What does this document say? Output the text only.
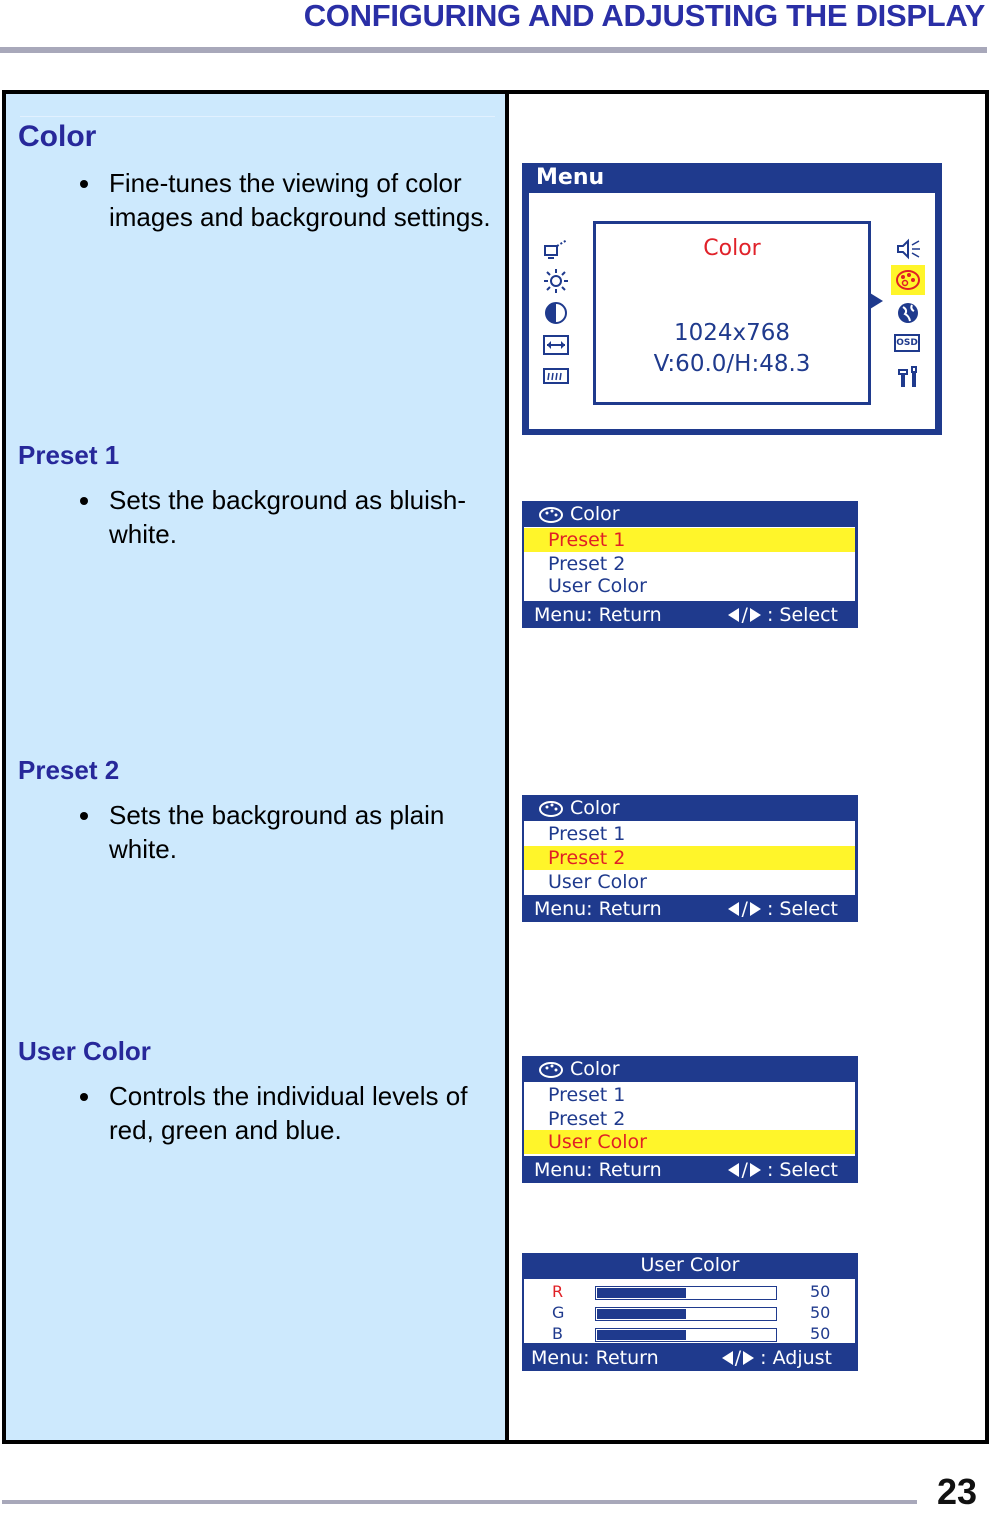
CONFIGURING AND ADJUSTING THE DISPLAY
Color
Fine-tunes the viewing of color images and background settings.
Preset 1
Sets the background as bluish-white.
Preset 2
Sets the background as plain white.
User Color
Controls the individual levels of red, green and blue.
Menu
Color
1024x768
V:60.0/H:48.3
OSD
Color
Preset 1
Preset 2
User Color
Menu: Return	/ : Select
Color
Preset 1
Preset 2
User Color
Menu: Return	/ : Select
Color
Preset 1
Preset 2
User Color
Menu: Return	/ : Select
User Color
R	50
G	50
B	50
Menu: Return	/ : Adjust
23
